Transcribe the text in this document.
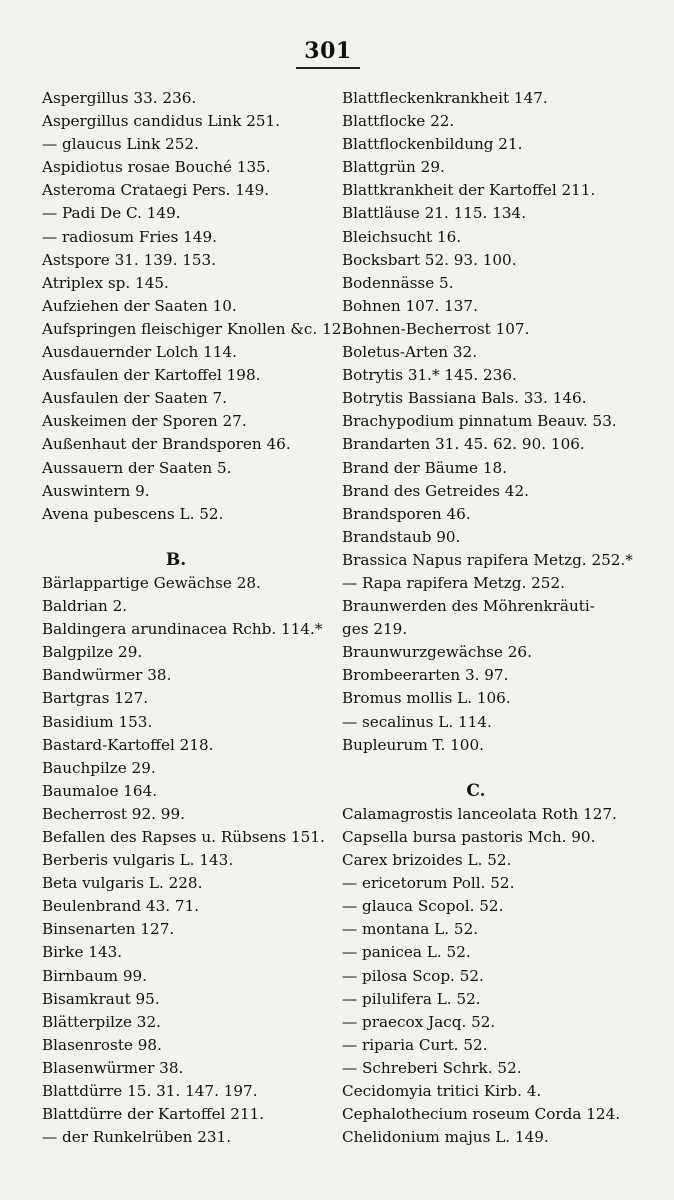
301
Aspergillus 33. 236.
Aspergillus candidus Link 251.
— glaucus Link 252.
Aspidiotus rosae Bouché 135.
Asteroma Crataegi Pers. 149.
— Padi De C. 149.
— radiosum Fries 149.
Astspore 31. 139. 153.
Atriplex sp. 145.
Aufziehen der Saaten 10.
Aufspringen fleischiger Knollen &c. 12.
Ausdauernder Lolch 114.
Ausfaulen der Kartoffel 198.
Ausfaulen der Saaten 7.
Auskeimen der Sporen 27.
Außenhaut der Brandsporen 46.
Aussauern der Saaten 5.
Auswintern 9.
Avena pubescens L. 52.
B.
Bärlappartige Gewächse 28.
Baldrian 2.
Baldingera arundinacea Rchb. 114.*
Balgpilze 29.
Bandwürmer 38.
Bartgras 127.
Basidium 153.
Bastard-Kartoffel 218.
Bauchpilze 29.
Baumaloe 164.
Becherrost 92. 99.
Befallen des Rapses u. Rübsens 151.
Berberis vulgaris L. 143.
Beta vulgaris L. 228.
Beulenbrand 43. 71.
Binsenarten 127.
Birke 143.
Birnbaum 99.
Bisamkraut 95.
Blätterpilze 32.
Blasenroste 98.
Blasenwürmer 38.
Blattdürre 15. 31. 147. 197.
Blattdürre der Kartoffel 211.
— der Runkelrüben 231.
Blattfleckenkrankheit 147.
Blattflocke 22.
Blattflockenbildung 21.
Blattgrün 29.
Blattkrankheit der Kartoffel 211.
Blattläuse 21. 115. 134.
Bleichsucht 16.
Bocksbart 52. 93. 100.
Bodennässe 5.
Bohnen 107. 137.
Bohnen-Becherrost 107.
Boletus-Arten 32.
Botrytis 31.* 145. 236.
Botrytis Bassiana Bals. 33. 146.
Brachypodium pinnatum Beauv. 53.
Brandarten 31. 45. 62. 90. 106.
Brand der Bäume 18.
Brand des Getreides 42.
Brandsporen 46.
Brandstaub 90.
Brassica Napus rapifera Metzg. 252.*
— Rapa rapifera Metzg. 252.
Braunwerden des Möhrenkräuti-
ges 219.
Braunwurzgewächse 26.
Brombeerarten 3. 97.
Bromus mollis L. 106.
— secalinus L. 114.
Bupleurum T. 100.
C.
Calamagrostis lanceolata Roth 127.
Capsella bursa pastoris Mch. 90.
Carex brizoides L. 52.
— ericetorum Poll. 52.
— glauca Scopol. 52.
— montana L. 52.
— panicea L. 52.
— pilosa Scop. 52.
— pilulifera L. 52.
— praecox Jacq. 52.
— riparia Curt. 52.
— Schreberi Schrk. 52.
Cecidomyia tritici Kirb. 4.
Cephalothecium roseum Corda 124.
Chelidonium majus L. 149.
